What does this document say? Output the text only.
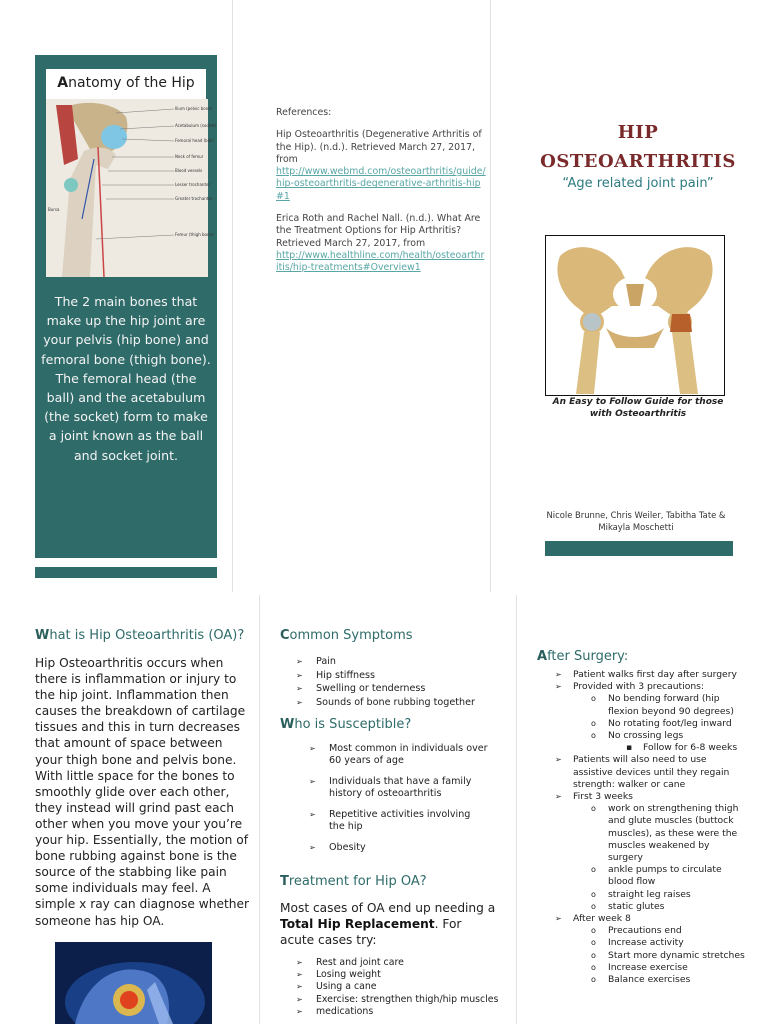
Anatomy of the Hip
Ilium (pelvic bone)
Acetabulum (socket)
Femoral head (ball)
Neck of femur
Blood vessels
Lesser trochanter
Greater trochanter
Bursa
Femur (thigh bone)
The 2 main bones that make up the hip joint are your pelvis (hip bone) and femoral bone (thigh bone). The femoral head (the ball) and the acetabulum (the socket) form to make a joint known as the ball and socket joint.

References:

Hip Osteoarthritis (Degenerative Arthritis of the Hip). (n.d.). Retrieved March 27, 2017, from
http://www.webmd.com/osteoarthritis/guide/hip-osteoarthritis-degenerative-arthritis-hip#1

Erica Roth and Rachel Nall. (n.d.). What Are the Treatment Options for Hip Arthritis? Retrieved March 27, 2017, from
http://www.healthline.com/health/osteoarthritis/hip-treatments#Overview1

HIP
OSTEOARTHRITIS
“Age related joint pain”
An Easy to Follow Guide for those with Osteoarthritis
Nicole Brunne, Chris Weiler, Tabitha Tate & Mikayla Moschetti
What is Hip Osteoarthritis (OA)?
Hip Osteoarthritis occurs when there is inflammation or injury to the hip joint. Inflammation then causes the breakdown of cartilage tissues and this in turn decreases that amount of space between your thigh bone and pelvis bone. With little space for the bones to smoothly glide over each other, they instead will grind past each other when you move your you’re your hip. Essentially, the motion of bone rubbing against bone is the source of the stabbing like pain some individuals may feel. A simple x ray can diagnose whether someone has hip OA.
Common Symptoms
➢ Pain
➢ Hip stiffness
➢ Swelling or tenderness
➢ Sounds of bone rubbing together
Who is Susceptible?
➢ Most common in individuals over 60 years of age
➢ Individuals that have a family history of osteoarthritis
➢ Repetitive activities involving the hip
➢ Obesity
Treatment for Hip OA?
Most cases of OA end up needing a Total Hip Replacement. For acute cases try:
➢ Rest and joint care
➢ Losing weight
➢ Using a cane
➢ Exercise: strengthen thigh/hip muscles
➢ medications
After Surgery:
➢ Patient walks first day after surgery
➢ Provided with 3 precautions:
o No bending forward (hip flexion beyond 90 degrees)
o No rotating foot/leg inward
o No crossing legs
▪ Follow for 6-8 weeks
➢ Patients will also need to use assistive devices until they regain strength: walker or cane
➢ First 3 weeks
o work on strengthening thigh and glute muscles (buttock muscles), as these were the muscles weakened by surgery
o ankle pumps to circulate blood flow
o straight leg raises
o static glutes
➢ After week 8
o Precautions end
o Increase activity
o Start more dynamic stretches
o Increase exercise
o Balance exercises
